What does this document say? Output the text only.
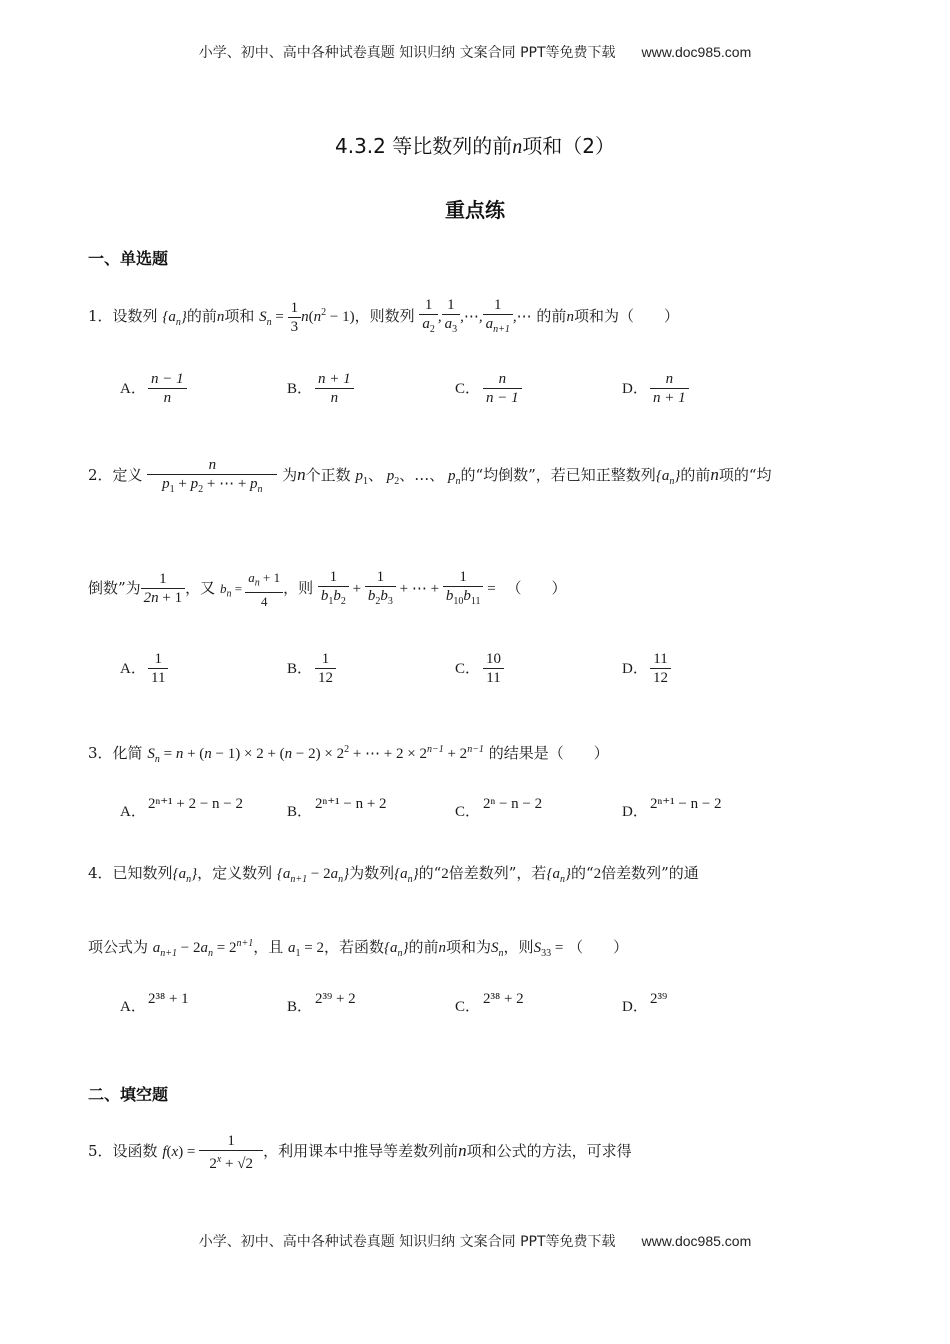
小学、初中、高中各种试卷真题 知识归纳 文案合同 PPT等免费下载 www.doc985.com
4.3.2 等比数列的前n项和（2）
重点练
一、单选题
1．设数列 $\{a_n\}$的前n项和 $S_n = \frac{1}{3} n(n^2 - 1)$，则数列 $\frac{1}{a_2}$ , $\frac{1}{a_3}$ ,⋯, $\frac{1}{a_{n+1}}$ ,⋯ 的前n项和为（　　）
A． $\frac{n - 1}{n}$	B． $\frac{n + 1}{n}$	C． $\frac{n}{n - 1}$	D． $\frac{n}{n + 1}$
2．定义 $\frac{n}{p_1 + p_2 + \cdots + p_n}$ 为n个正数 $p_1$、 $p_2$、…、 $p_n$的“均倒数”，若已知正整数列$\{a_n\}$的前n项的“均
倒数”为 $\frac{1}{2n + 1}$ ，又 $b_n = \frac{a_n + 1}{4}$ ，则 $\frac{1}{b_1b_2} + \frac{1}{b_2b_3}$ + ⋯ + $\frac{1}{b_{10}b_{11}}$ = （　　）
A． $\frac{1}{11}$	B． $\frac{1}{12}$	C． $\frac{10}{11}$	D． $\frac{11}{12}$
3．化简 $S_n = n + (n - 1) \times 2 + (n - 2) \times 2^2$ + ⋯ + $2 \times 2^{n-1} + 2^{n-1}$ 的结果是（　　）
A． 2ⁿ⁺¹ + 2 − n − 2	B． 2ⁿ⁺¹ − n + 2	C． 2ⁿ − n − 2	D． 2ⁿ⁺¹ − n − 2
4．已知数列$\{a_n\}$，定义数列 $\{a_{n+1} - 2a_n\}$为数列$\{a_n\}$的“2倍差数列”，若$\{a_n\}$的“2倍差数列”的通
项公式为 $a_{n+1} - 2a_n = 2^{n+1}$，且 $a_1 = 2$，若函数$\{a_n\}$的前n项和为$S_n$，则$S_{33}$ = （　　）
A． 2³⁸ + 1	B． 2³⁹ + 2	C． 2³⁸ + 2	D． 2³⁹
二、填空题
5．设函数 $f(x) = \frac{1}{2^x + √2}$ ，利用课本中推导等差数列前n项和公式的方法，可求得
小学、初中、高中各种试卷真题 知识归纳 文案合同 PPT等免费下载 www.doc985.com
